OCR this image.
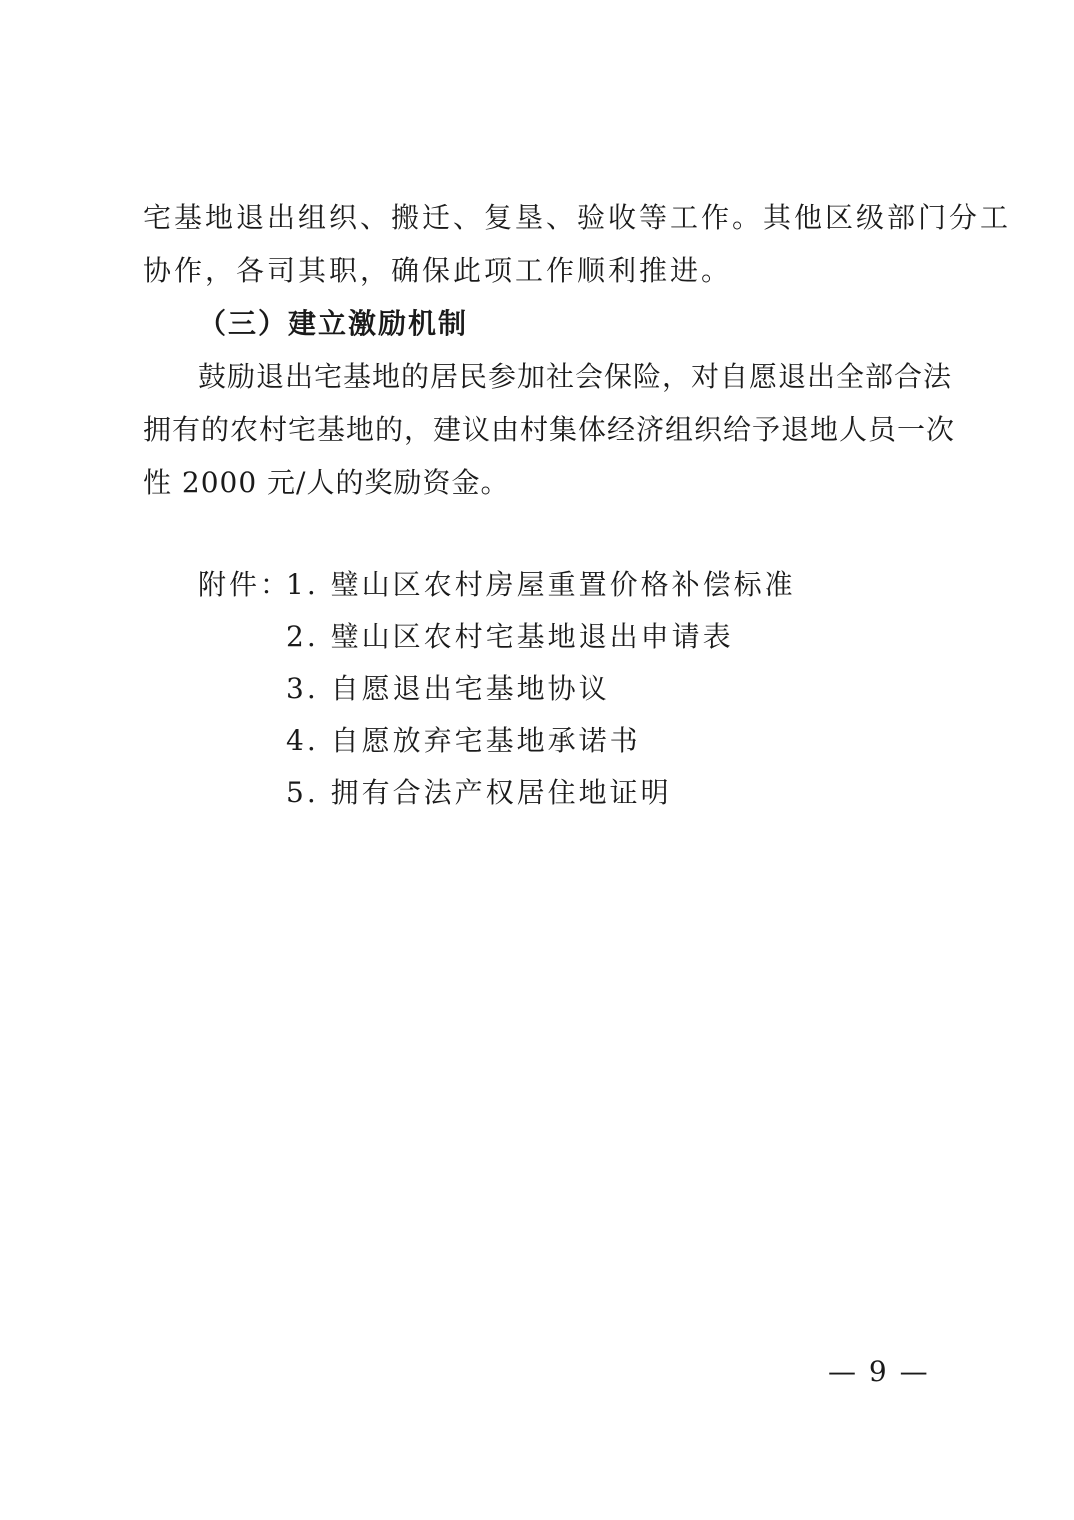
宅基地退出组织、搬迁、复垦、验收等工作。其他区级部门分工
协作，各司其职，确保此项工作顺利推进。
（三）建立激励机制
鼓励退出宅基地的居民参加社会保险，对自愿退出全部合法
拥有的农村宅基地的，建议由村集体经济组织给予退地人员一次
性 2000 元/人的奖励资金。
附件：
1. 璧山区农村房屋重置价格补偿标准
2. 璧山区农村宅基地退出申请表
3. 自愿退出宅基地协议
4. 自愿放弃宅基地承诺书
5. 拥有合法产权居住地证明
— 9 —
